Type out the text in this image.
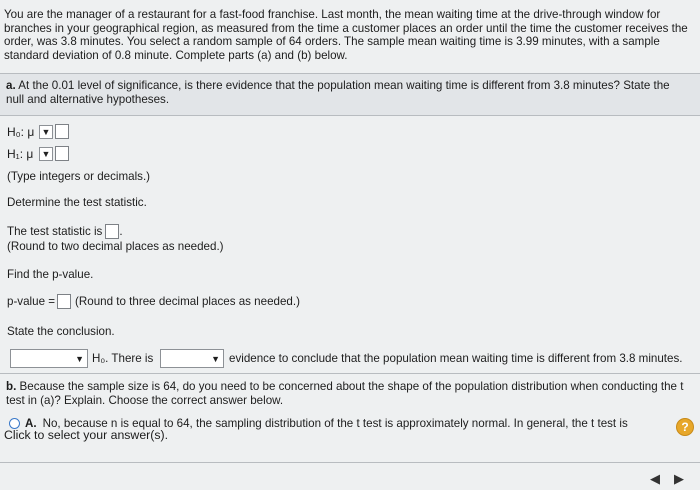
You are the manager of a restaurant for a fast-food franchise. Last month, the mean waiting time at the drive-through window for branches in your geographical region, as measured from the time a customer places an order until the time the customer receives the order, was 3.8 minutes. You select a random sample of 64 orders. The sample mean waiting time is 3.99 minutes, with a sample standard deviation of 0.8 minute. Complete parts (a) and (b) below.
a. At the 0.01 level of significance, is there evidence that the population mean waiting time is different from 3.8 minutes? State the null and alternative hypotheses.
H₀: μ ▼
H₁: μ ▼
(Type integers or decimals.)
Determine the test statistic.
The test statistic is .
(Round to two decimal places as needed.)
Find the p-value.
p-value = (Round to three decimal places as needed.)
State the conclusion.
▼ H₀. There is	▼ evidence to conclude that the population mean waiting time is different from 3.8 minutes.
b. Because the sample size is 64, do you need to be concerned about the shape of the population distribution when conducting the t test in (a)? Explain. Choose the correct answer below.
A. No, because n is equal to 64, the sampling distribution of the t test is approximately normal. In general, the t test is	?
Click to select your answer(s).
◀ ▶
